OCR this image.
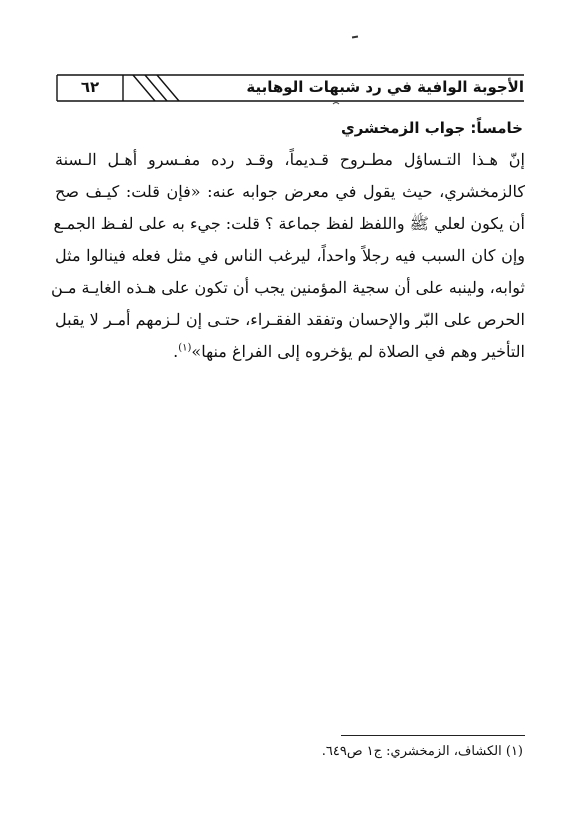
٦٢	الأجوبة الوافية في رد شبهات الوهابية
خامساً: جواب الزمخشري
إنّ هـذا التـساؤل مطـروح قـديماً، وقـد رده مفـسرو أهـل الـسنة
كالزمخشري، حيث يقول في معرض جوابه عنه: «فإن قلت: كيـف صح
أن يكون لعلي ﷺ واللفظ لفظ جماعة ؟ قلت: جيء به على لفـظ الجمـع
وإن كان السبب فيه رجلاً واحداً، ليرغب الناس في مثل فعله فينالوا مثل
ثوابه، ولينبه على أن سجية المؤمنين يجب أن تكون على هـذه الغايـة مـن
الحرص على البّر والإحسان وتفقد الفقـراء، حتـى إن لـزمهم أمـر لا يقبل
التأخير وهم في الصلاة لم يؤخروه إلى الفراغ منها»$^{(١)}$.
(١) الكشاف، الزمخشري: ج١ ص٦٤٩.
